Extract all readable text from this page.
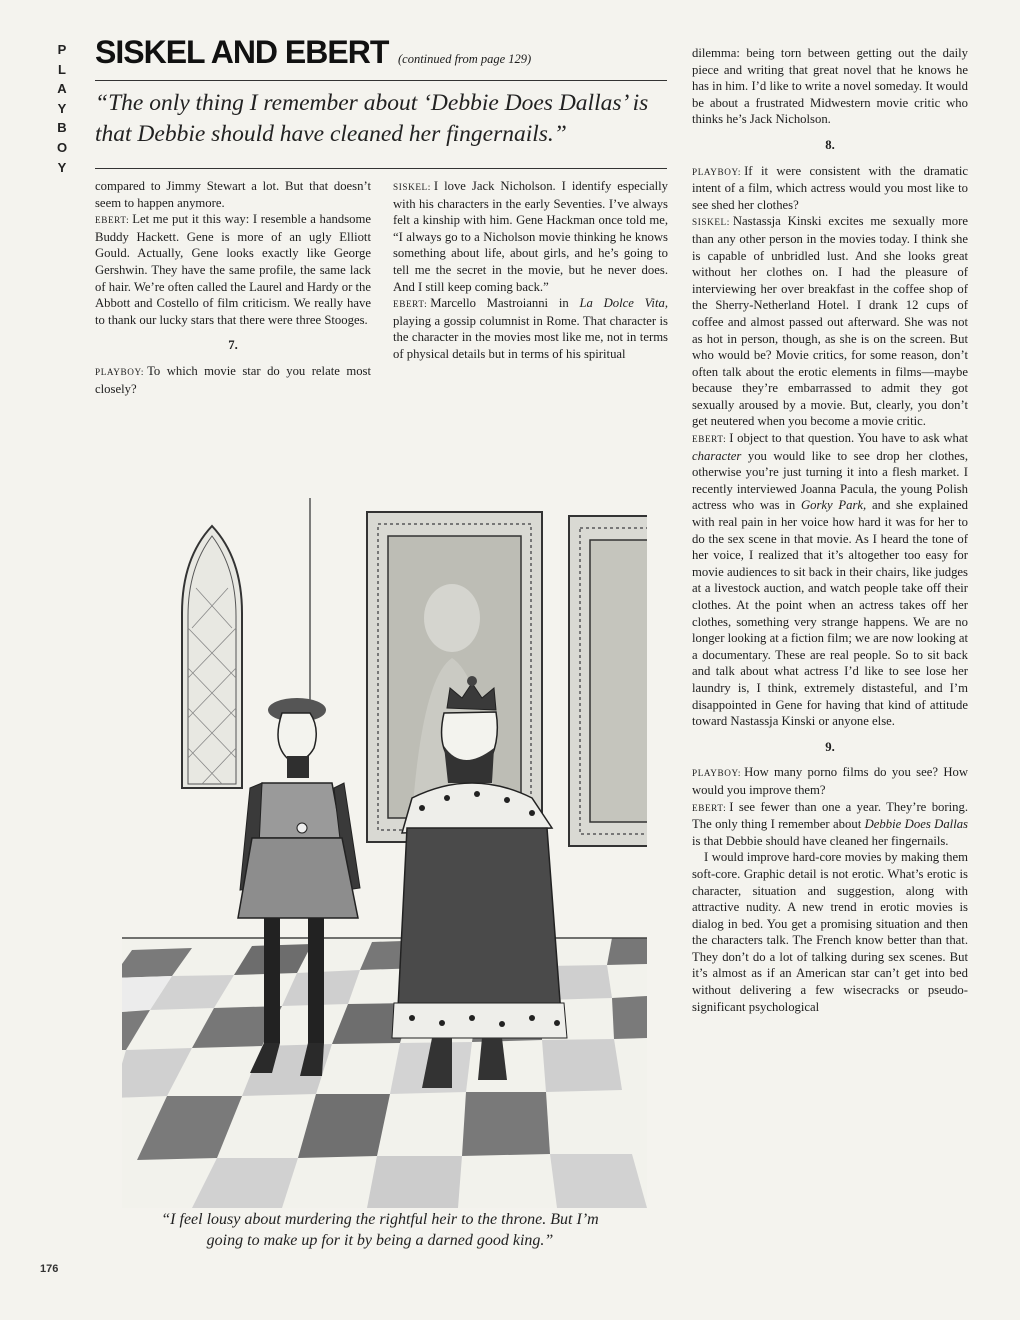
P
L
A
Y
B
O
Y
SISKEL AND EBERT (continued from page 129)
“The only thing I remember about ‘Debbie Does Dallas’ is that Debbie should have cleaned her fingernails.”

compared to Jimmy Stewart a lot. But that doesn’t seem to happen anymore.

EBERT: Let me put it this way: I resemble a handsome Buddy Hackett. Gene is more of an ugly Elliott Gould. Actually, Gene looks exactly like George Gershwin. They have the same profile, the same lack of hair. We’re often called the Laurel and Hardy or the Abbott and Costello of film criticism. We really have to thank our lucky stars that there were three Stooges.

7.

PLAYBOY: To which movie star do you relate most closely?

SISKEL: I love Jack Nicholson. I identify especially with his characters in the early Seventies. I’ve always felt a kinship with him. Gene Hackman once told me, “I always go to a Nicholson movie thinking he knows something about life, about girls, and he’s going to tell me the secret in the movie, but he never does. And I still keep coming back.”

EBERT: Marcello Mastroianni in La Dolce Vita, playing a gossip columnist in Rome. That character is the character in the movies most like me, not in terms of physical details but in terms of his spiritual

dilemma: being torn between getting out the daily piece and writing that great novel that he knows he has in him. I’d like to write a novel someday. It would be about a frustrated Midwestern movie critic who thinks he’s Jack Nicholson.

8.

PLAYBOY: If it were consistent with the dramatic intent of a film, which actress would you most like to see shed her clothes?

SISKEL: Nastassja Kinski excites me sexually more than any other person in the movies today. I think she is capable of unbridled lust. And she looks great without her clothes on. I had the pleasure of interviewing her over breakfast in the coffee shop of the Sherry-Netherland Hotel. I drank 12 cups of coffee and almost passed out afterward. She was not as hot in person, though, as she is on the screen. But who would be? Movie critics, for some reason, don’t often talk about the erotic elements in films—maybe because they’re embarrassed to admit they got sexually aroused by a movie. But, clearly, you don’t get neutered when you become a movie critic.

EBERT: I object to that question. You have to ask what character you would like to see drop her clothes, otherwise you’re just turning it into a flesh market. I recently interviewed Joanna Pacula, the young Polish actress who was in Gorky Park, and she explained with real pain in her voice how hard it was for her to do the sex scene in that movie. As I heard the tone of her voice, I realized that it’s altogether too easy for movie audiences to sit back in their chairs, like judges at a livestock auction, and watch people take off their clothes. At the point when an actress takes off her clothes, something very strange happens. We are no longer looking at a fiction film; we are now looking at a documentary. These are real people. So to sit back and talk about what actress I’d like to see lose her laundry is, I think, extremely distasteful, and I’m disappointed in Gene for having that kind of attitude toward Nastassja Kinski or anyone else.

9.

PLAYBOY: How many porno films do you see? How would you improve them?

EBERT: I see fewer than one a year. They’re boring. The only thing I remember about Debbie Does Dallas is that Debbie should have cleaned her fingernails.

I would improve hard-core movies by making them soft-core. Graphic detail is not erotic. What’s erotic is character, situation and suggestion, along with attractive nudity. A new trend in erotic movies is dialog in bed. You get a promising situation and then the characters talk. The French know better than that. They don’t do a lot of talking during sex scenes. But it’s almost as if an American star can’t get into bed without delivering a few wisecracks or pseudo-significant psychological

“I feel lousy about murdering the rightful heir to the throne. But I’m going to make up for it by being a darned good king.”
176
